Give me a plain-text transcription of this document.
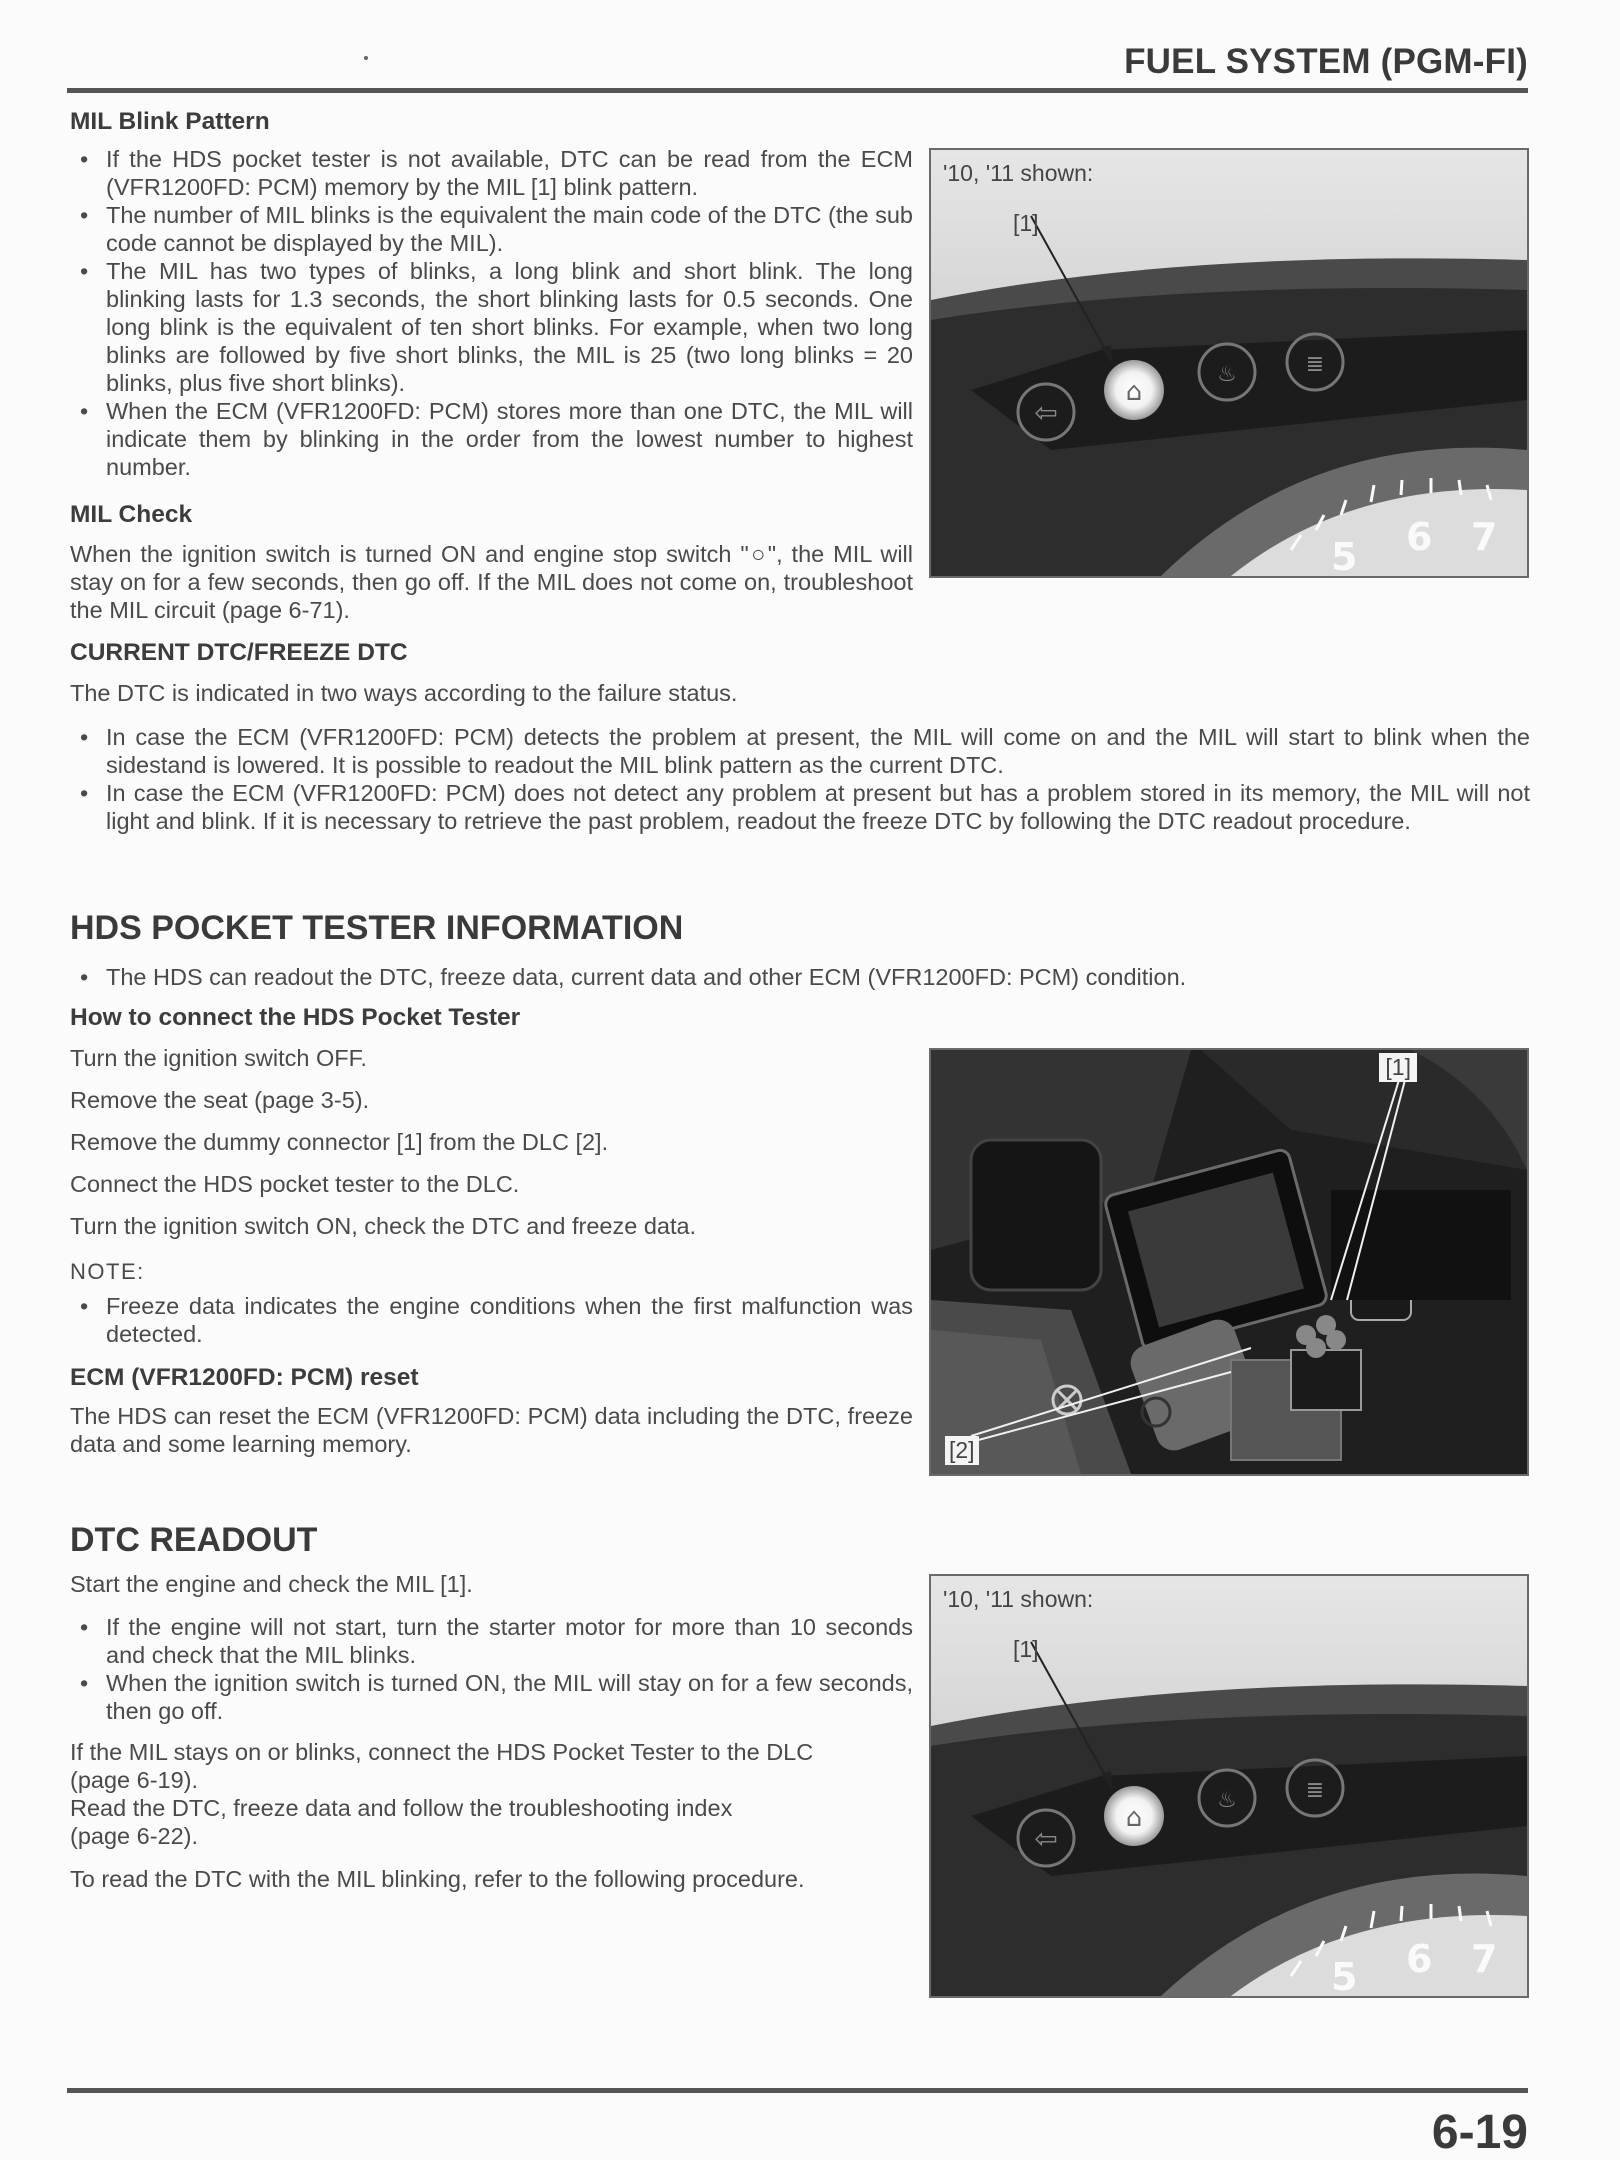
FUEL SYSTEM (PGM-FI)
MIL Blink Pattern
• If the HDS pocket tester is not available, DTC can be read from the ECM (VFR1200FD: PCM) memory by the MIL [1] blink pattern.
• The number of MIL blinks is the equivalent the main code of the DTC (the sub code cannot be displayed by the MIL).
• The MIL has two types of blinks, a long blink and short blink. The long blinking lasts for 1.3 seconds, the short blinking lasts for 0.5 seconds. One long blink is the equivalent of ten short blinks. For example, when two long blinks are followed by five short blinks, the MIL is 25 (two long blinks = 20 blinks, plus five short blinks).
• When the ECM (VFR1200FD: PCM) stores more than one DTC, the MIL will indicate them by blinking in the order from the lowest number to highest number.
MIL Check
When the ignition switch is turned ON and engine stop switch "○", the MIL will stay on for a few seconds, then go off. If the MIL does not come on, troubleshoot the MIL circuit (page 6-71).
CURRENT DTC/FREEZE DTC
The DTC is indicated in two ways according to the failure status.
• In case the ECM (VFR1200FD: PCM) detects the problem at present, the MIL will come on and the MIL will start to blink when the sidestand is lowered. It is possible to readout the MIL blink pattern as the current DTC.
• In case the ECM (VFR1200FD: PCM) does not detect any problem at present but has a problem stored in its memory, the MIL will not light and blink. If it is necessary to retrieve the past problem, readout the freeze DTC by following the DTC readout procedure.
HDS POCKET TESTER INFORMATION
• The HDS can readout the DTC, freeze data, current data and other ECM (VFR1200FD: PCM) condition.
How to connect the HDS Pocket Tester
Turn the ignition switch OFF.
Remove the seat (page 3-5).
Remove the dummy connector [1] from the DLC [2].
Connect the HDS pocket tester to the DLC.
Turn the ignition switch ON, check the DTC and freeze data.
NOTE:
• Freeze data indicates the engine conditions when the first malfunction was detected.
ECM (VFR1200FD: PCM) reset
The HDS can reset the ECM (VFR1200FD: PCM) data including the DTC, freeze data and some learning memory.
DTC READOUT
Start the engine and check the MIL [1].
• If the engine will not start, turn the starter motor for more than 10 seconds and check that the MIL blinks.
• When the ignition switch is turned ON, the MIL will stay on for a few seconds, then go off.
If the MIL stays on or blinks, connect the HDS Pocket Tester to the DLC
(page 6-19).
Read the DTC, freeze data and follow the troubleshooting index
(page 6-22).
To read the DTC with the MIL blinking, refer to the following procedure.
⇦
⌂
♨	≣
5 6 7
'10, '11 shown:
[1]
[1]
[2]
⇦
⌂
♨	≣
5 6 7
'10, '11 shown:
[1]
6-19
